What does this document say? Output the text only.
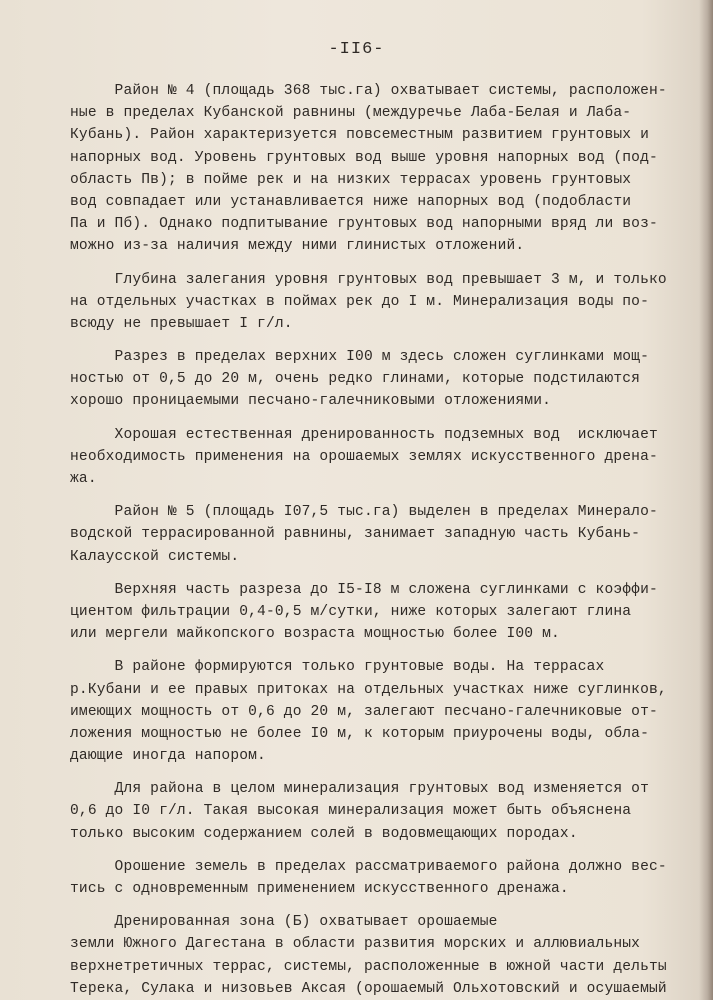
-II6-
Район № 4 (площадь 368 тыс.га) охватывает системы, расположен-
ные в пределах Кубанской равнины (междуречье Лаба-Белая и Лаба-
Кубань). Район характеризуется повсеместным развитием грунтовых и
напорных вод. Уровень грунтовых вод выше уровня напорных вод (под-
область Пв); в пойме рек и на низких террасах уровень грунтовых
вод совпадает или устанавливается ниже напорных вод (подобласти
Па и Пб). Однако подпитывание грунтовых вод напорными вряд ли воз-
можно из-за наличия между ними глинистых отложений.
Глубина залегания уровня грунтовых вод превышает 3 м, и только
на отдельных участках в поймах рек до I м. Минерализация воды по-
всюду не превышает I г/л.
Разрез в пределах верхних I00 м здесь сложен суглинками мощ-
ностью от 0,5 до 20 м, очень редко глинами, которые подстилаются
хорошо проницаемыми песчано-галечниковыми отложениями.
Хорошая естественная дренированность подземных вод  исключает
необходимость применения на орошаемых землях искусственного дрена-
жа.
Район № 5 (площадь I07,5 тыс.га) выделен в пределах Минерало-
водской террасированной равнины, занимает западную часть Кубань-
Калаусской системы.
Верхняя часть разреза до I5-I8 м сложена суглинками с коэффи-
циентом фильтрации 0,4-0,5 м/сутки, ниже которых залегают глина
или мергели майкопского возраста мощностью более I00 м.
В районе формируются только грунтовые воды. На террасах
р.Кубани и ее правых притоках на отдельных участках ниже суглинков,
имеющих мощность от 0,6 до 20 м, залегают песчано-галечниковые от-
ложения мощностью не более I0 м, к которым приурочены воды, обла-
дающие иногда напором.
Для района в целом минерализация грунтовых вод изменяется от
0,6 до I0 г/л. Такая высокая минерализация может быть объяснена
только высоким содержанием солей в водовмещающих породах.
Орошение земель в пределах рассматриваемого района должно вес-
тись с одновременным применением искусственного дренажа.
Дренированная зона (Б) охватывает орошаемые
земли Южного Дагестана в области развития морских и аллювиальных
верхнетретичных террас, системы, расположенные в южной части дельты
Терека, Сулака и низовьев Аксая (орошаемый Ольхотовский и осушаемый
